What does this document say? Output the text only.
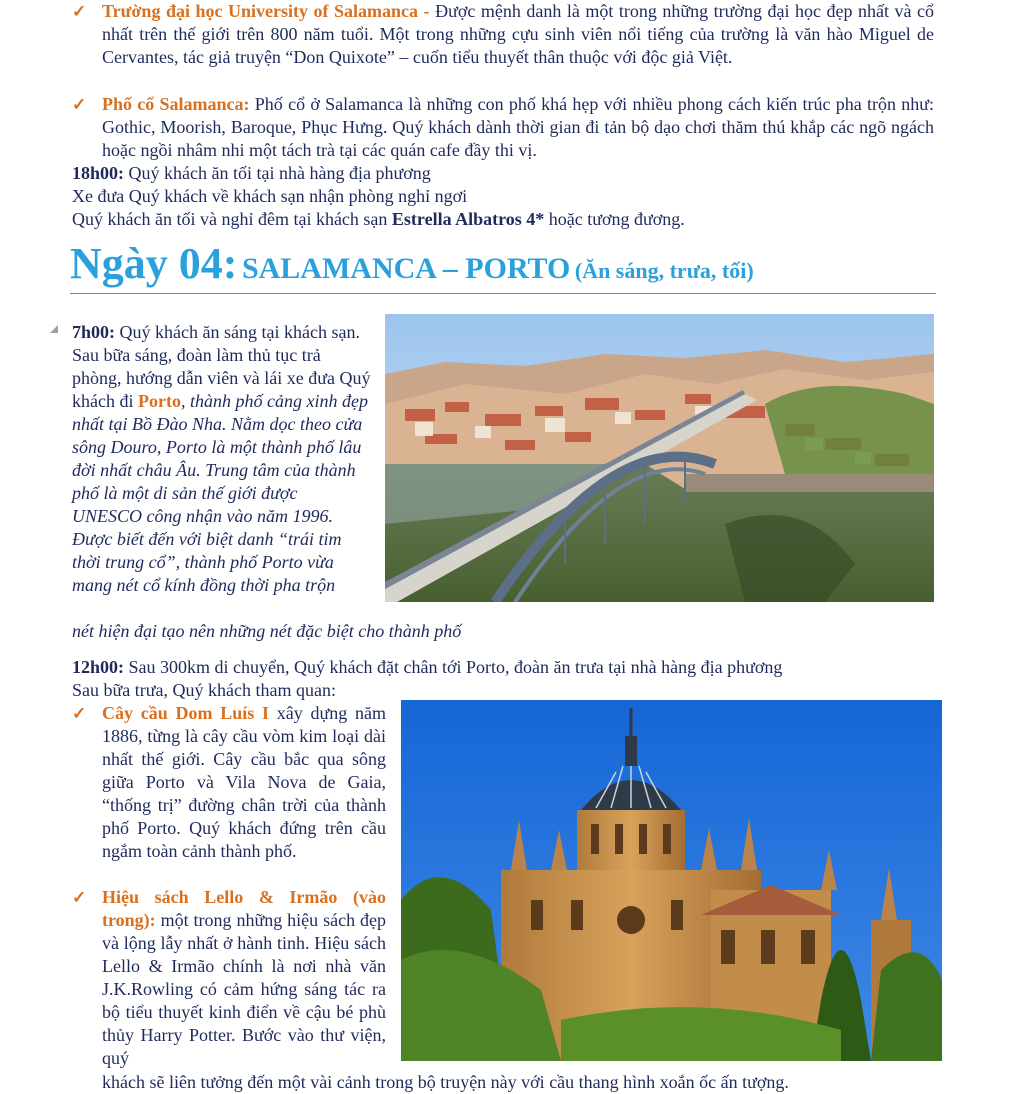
✓ Trường đại học University of Salamanca - Được mệnh danh là một trong những trường đại học đẹp nhất và cổ nhất trên thế giới trên 800 năm tuổi. Một trong những cựu sinh viên nổi tiếng của trường là văn hào Miguel de Cervantes, tác giả truyện “Don Quixote” – cuốn tiểu thuyết thân thuộc với độc giả Việt.
✓ Phố cổ Salamanca: Phố cổ ở Salamanca là những con phố khá hẹp với nhiều phong cách kiến trúc pha trộn như: Gothic, Moorish, Baroque, Phục Hưng. Quý khách dành thời gian đi tản bộ dạo chơi thăm thú khắp các ngõ ngách hoặc ngồi nhâm nhi một tách trà tại các quán cafe đầy thi vị.
18h00: Quý khách ăn tối tại nhà hàng địa phương
Xe đưa Quý khách về khách sạn nhận phòng nghỉ ngơi
Quý khách ăn tối và nghỉ đêm tại khách sạn Estrella Albatros 4* hoặc tương đương.
Ngày 04: SALAMANCA – PORTO (Ăn sáng, trưa, tối)
7h00: Quý khách ăn sáng tại khách sạn. Sau bữa sáng, đoàn làm thủ tục trả phòng, hướng dẫn viên và lái xe đưa Quý khách đi Porto, thành phố cảng xinh đẹp nhất tại Bồ Đào Nha. Nằm dọc theo cửa sông Douro, Porto là một thành phố lâu đời nhất châu Âu. Trung tâm của thành phố là một di sản thế giới được UNESCO công nhận vào năm 1996. Được biết đến với biệt danh “trái tim thời trung cổ”, thành phố Porto vừa mang nét cổ kính đồng thời pha trộn
nét hiện đại tạo nên những nét đặc biệt cho thành phố
12h00: Sau 300km di chuyển, Quý khách đặt chân tới Porto, đoàn ăn trưa tại nhà hàng địa phương
Sau bữa trưa, Quý khách tham quan:
✓ Cây cầu Dom Luís I xây dựng năm 1886, từng là cây cầu vòm kim loại dài nhất thế giới. Cây cầu bắc qua sông giữa Porto và Vila Nova de Gaia, “thống trị” đường chân trời của thành phố Porto. Quý khách đứng trên cầu ngắm toàn cảnh thành phố.
✓ Hiệu sách Lello & Irmão (vào trong): một trong những hiệu sách đẹp và lộng lẫy nhất ở hành tinh. Hiệu sách Lello & Irmão chính là nơi nhà văn J.K.Rowling có cảm hứng sáng tác ra bộ tiểu thuyết kinh điển về cậu bé phù thủy Harry Potter. Bước vào thư viện, quý
khách sẽ liên tưởng đến một vài cảnh trong bộ truyện này với cầu thang hình xoắn ốc ấn tượng.
